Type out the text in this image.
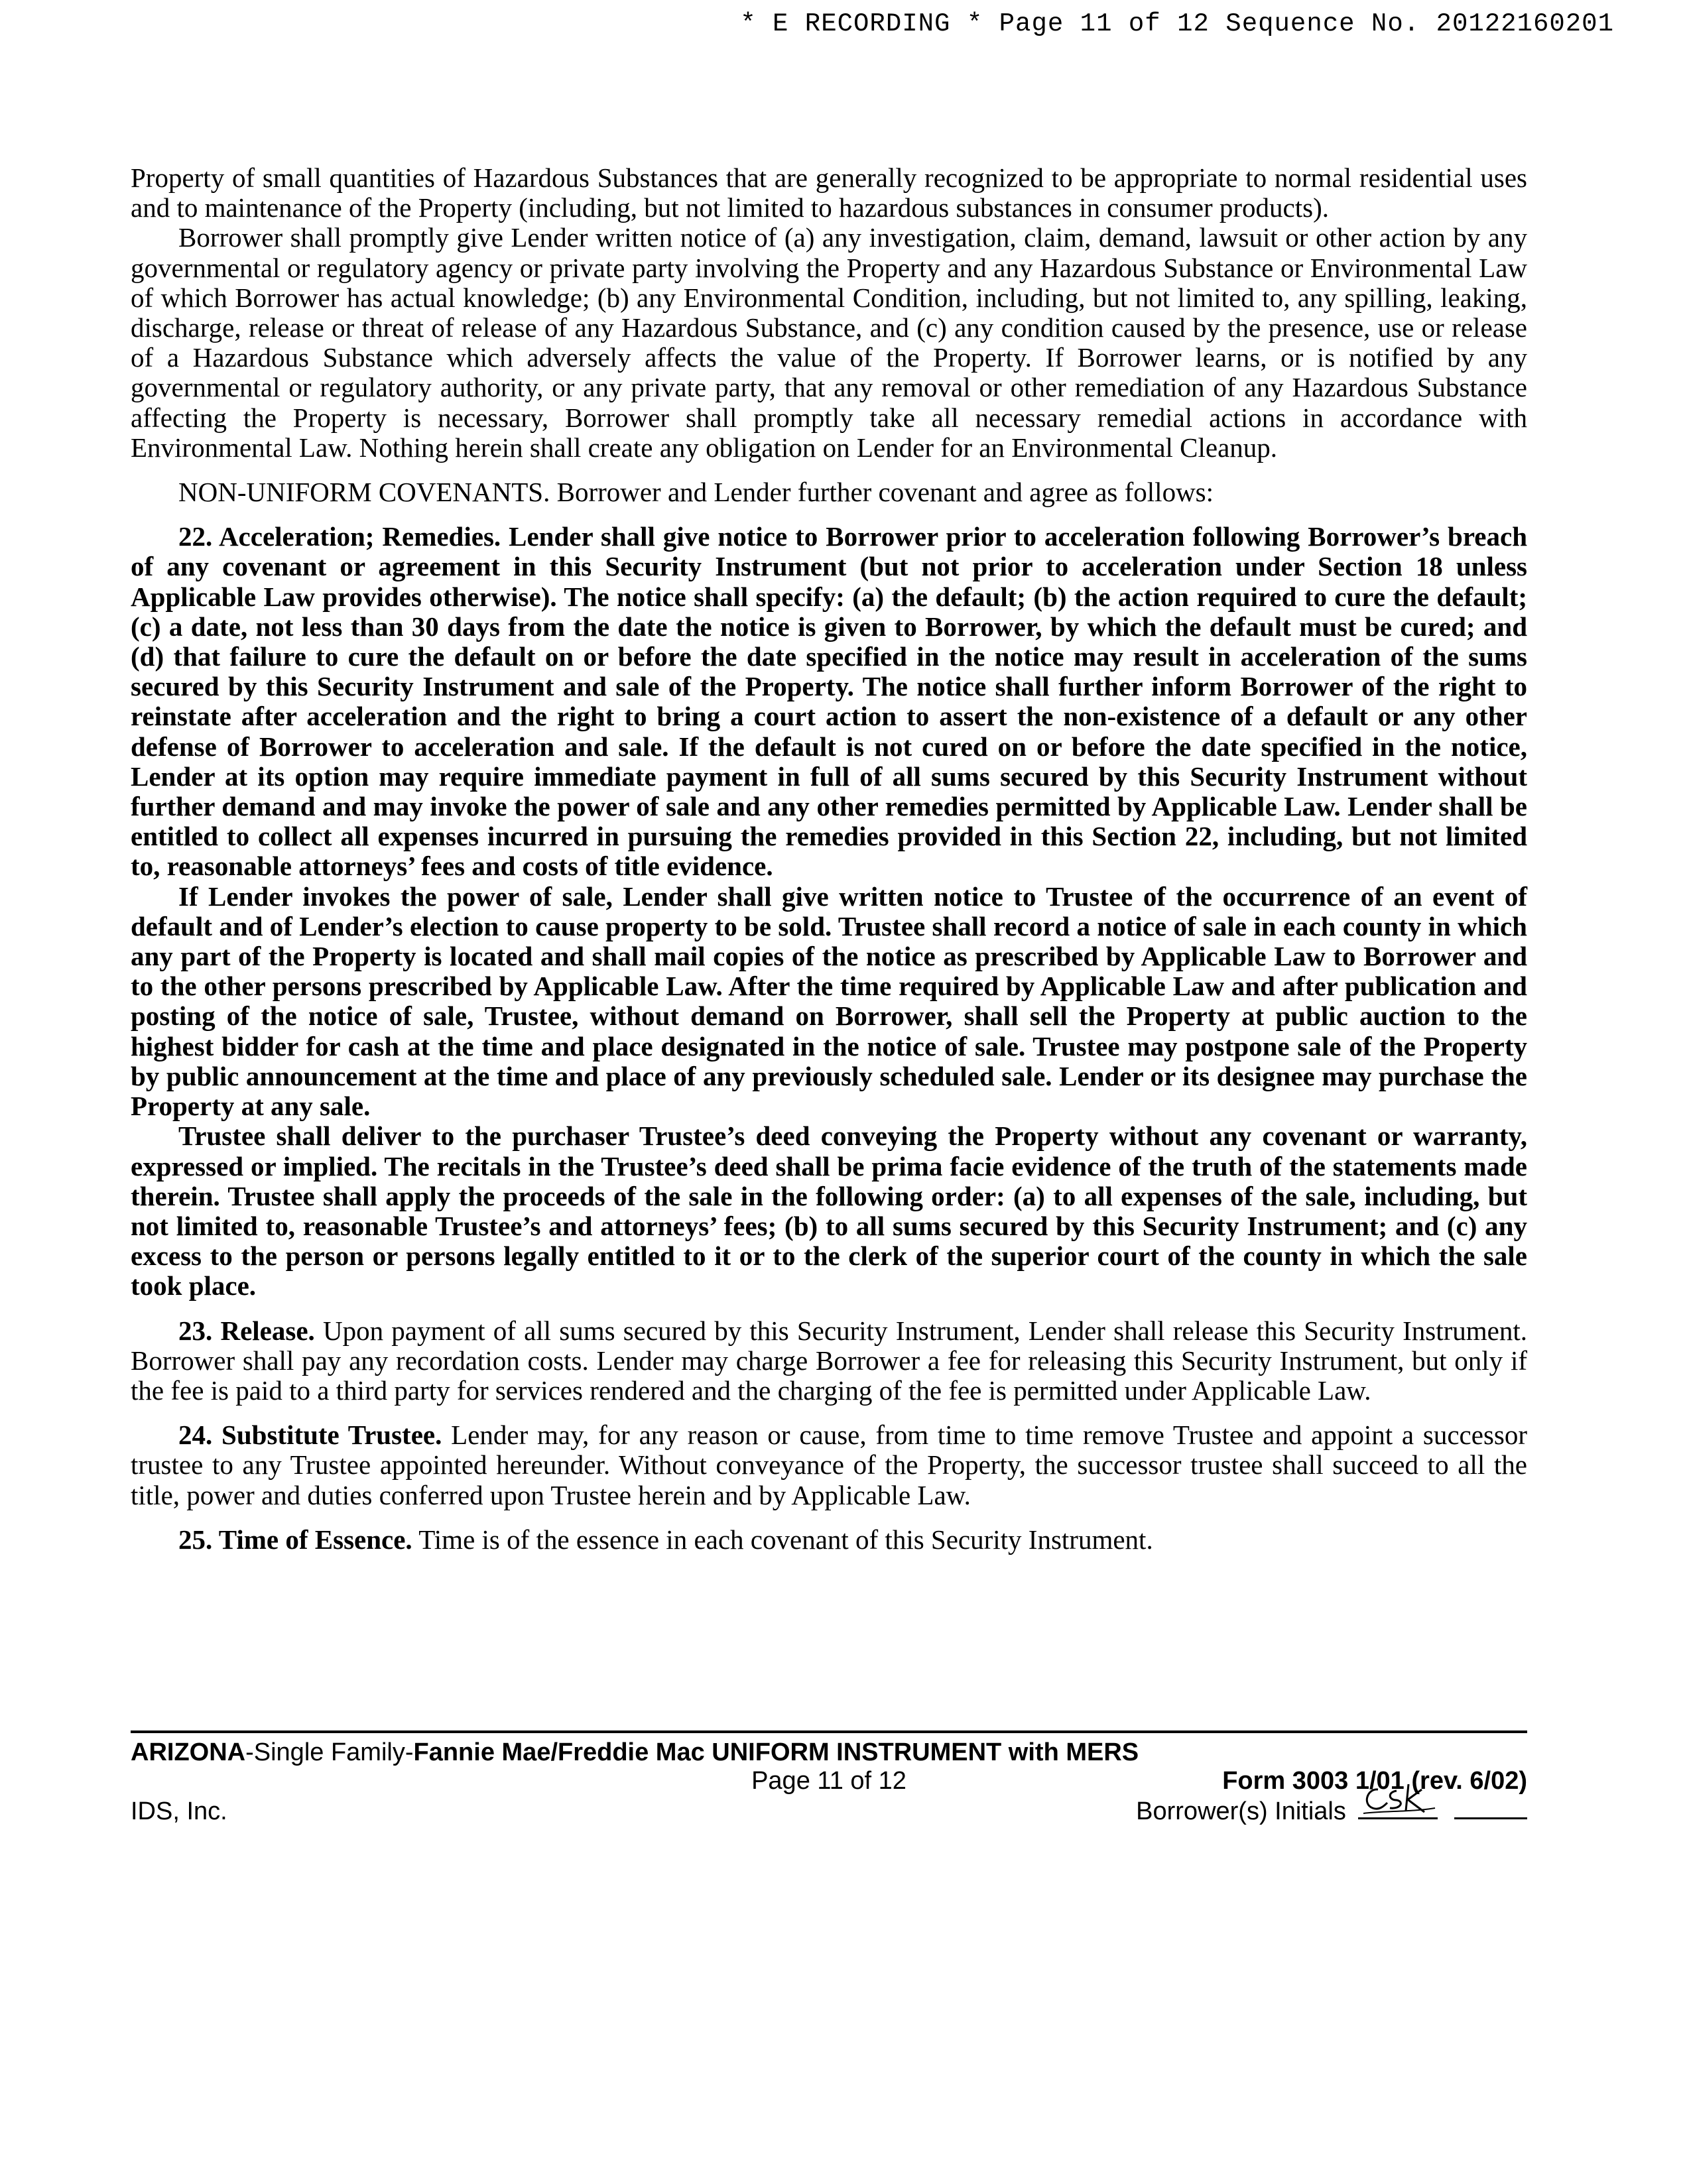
* E RECORDING * Page 11 of 12 Sequence No. 20122160201

Property of small quantities of Hazardous Substances that are generally recognized to be appropriate to normal residential uses and to maintenance of the Property (including, but not limited to hazardous substances in consumer products).

Borrower shall promptly give Lender written notice of (a) any investigation, claim, demand, lawsuit or other action by any governmental or regulatory agency or private party involving the Property and any Hazardous Substance or Environmental Law of which Borrower has actual knowledge; (b) any Environmental Condition, including, but not limited to, any spilling, leaking, discharge, release or threat of release of any Hazardous Substance, and (c) any condition caused by the presence, use or release of a Hazardous Substance which adversely affects the value of the Property. If Borrower learns, or is notified by any governmental or regulatory authority, or any private party, that any removal or other remediation of any Hazardous Substance affecting the Property is necessary, Borrower shall promptly take all necessary remedial actions in accordance with Environmental Law. Nothing herein shall create any obligation on Lender for an Environmental Cleanup.

NON-UNIFORM COVENANTS. Borrower and Lender further covenant and agree as follows:

22. Acceleration; Remedies. Lender shall give notice to Borrower prior to acceleration following Borrower’s breach of any covenant or agreement in this Security Instrument (but not prior to acceleration under Section 18 unless Applicable Law provides otherwise). The notice shall specify: (a) the default; (b) the action required to cure the default; (c) a date, not less than 30 days from the date the notice is given to Borrower, by which the default must be cured; and (d) that failure to cure the default on or before the date specified in the notice may result in acceleration of the sums secured by this Security Instrument and sale of the Property. The notice shall further inform Borrower of the right to reinstate after acceleration and the right to bring a court action to assert the non-existence of a default or any other defense of Borrower to acceleration and sale. If the default is not cured on or before the date specified in the notice, Lender at its option may require immediate payment in full of all sums secured by this Security Instrument without further demand and may invoke the power of sale and any other remedies permitted by Applicable Law. Lender shall be entitled to collect all expenses incurred in pursuing the remedies provided in this Section 22, including, but not limited to, reasonable attorneys’ fees and costs of title evidence.

If Lender invokes the power of sale, Lender shall give written notice to Trustee of the occurrence of an event of default and of Lender’s election to cause property to be sold. Trustee shall record a notice of sale in each county in which any part of the Property is located and shall mail copies of the notice as prescribed by Applicable Law to Borrower and to the other persons prescribed by Applicable Law. After the time required by Applicable Law and after publication and posting of the notice of sale, Trustee, without demand on Borrower, shall sell the Property at public auction to the highest bidder for cash at the time and place designated in the notice of sale. Trustee may postpone sale of the Property by public announcement at the time and place of any previously scheduled sale. Lender or its designee may purchase the Property at any sale.

Trustee shall deliver to the purchaser Trustee’s deed conveying the Property without any covenant or warranty, expressed or implied. The recitals in the Trustee’s deed shall be prima facie evidence of the truth of the statements made therein. Trustee shall apply the proceeds of the sale in the following order: (a) to all expenses of the sale, including, but not limited to, reasonable Trustee’s and attorneys’ fees; (b) to all sums secured by this Security Instrument; and (c) any excess to the person or persons legally entitled to it or to the clerk of the superior court of the county in which the sale took place.

23. Release. Upon payment of all sums secured by this Security Instrument, Lender shall release this Security Instrument. Borrower shall pay any recordation costs. Lender may charge Borrower a fee for releasing this Security Instrument, but only if the fee is paid to a third party for services rendered and the charging of the fee is permitted under Applicable Law.

24. Substitute Trustee. Lender may, for any reason or cause, from time to time remove Trustee and appoint a successor trustee to any Trustee appointed hereunder. Without conveyance of the Property, the successor trustee shall succeed to all the title, power and duties conferred upon Trustee herein and by Applicable Law.

25. Time of Essence. Time is of the essence in each covenant of this Security Instrument.

ARIZONA-Single Family-Fannie Mae/Freddie Mac UNIFORM INSTRUMENT with MERS
Page 11 of 12
IDS, Inc.
Form 3003 1/01 (rev. 6/02)
Borrower(s) Initials
